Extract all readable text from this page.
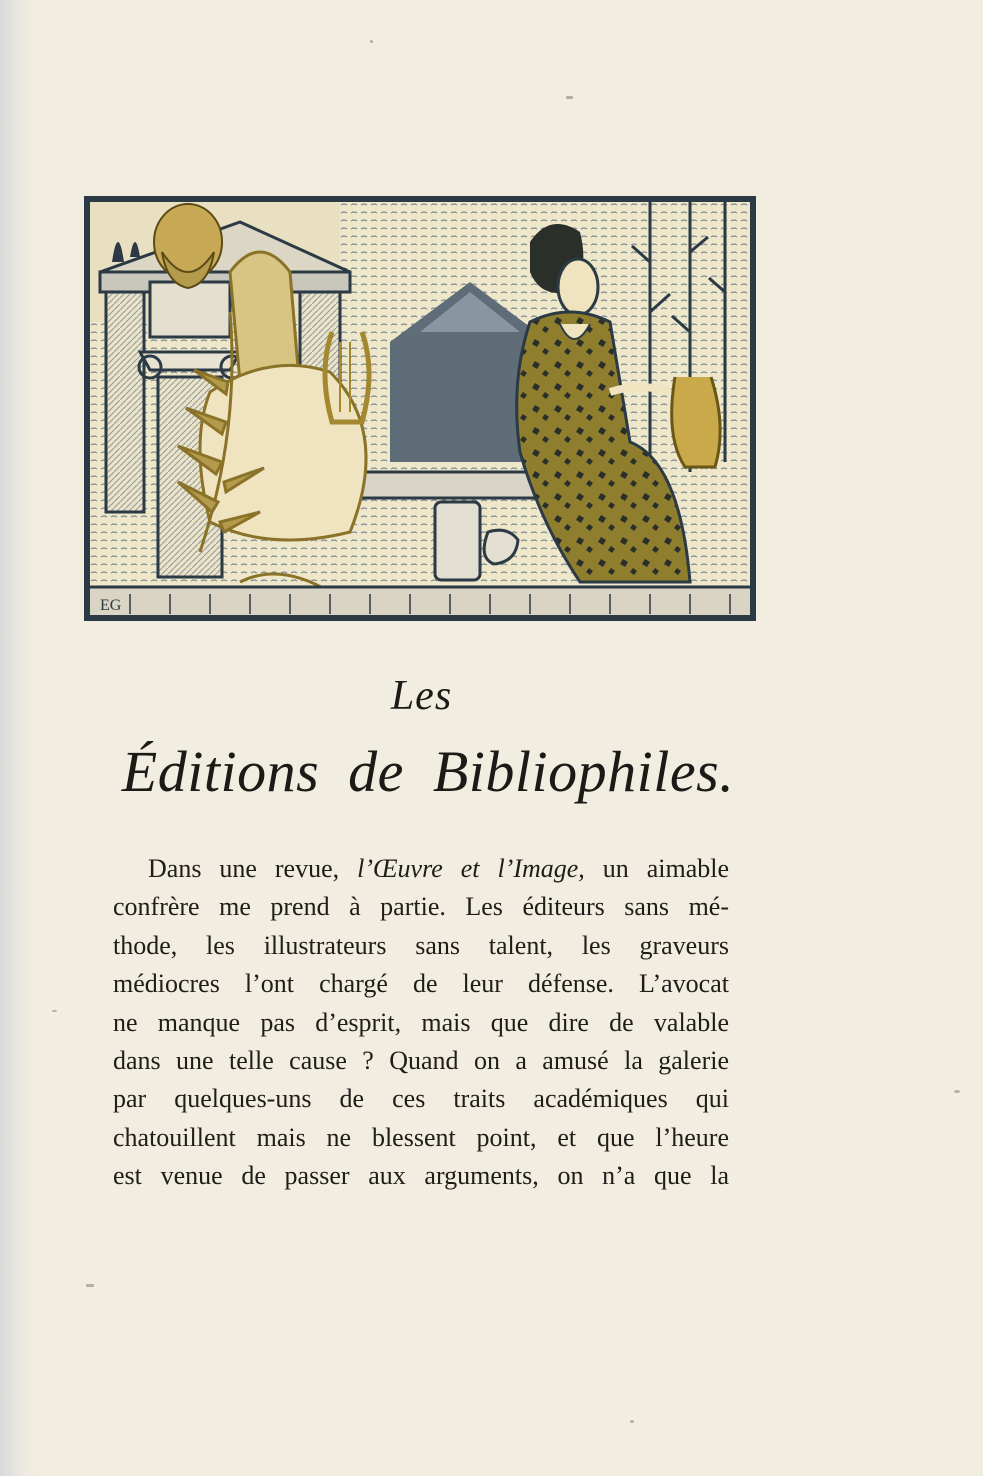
EG
Les
Éditions de Bibliophiles.
Dans une revue, l’Œuvre et l’Image, un aimable
confrère me prend à partie. Les éditeurs sans mé-
thode, les illustrateurs sans talent, les graveurs
médiocres l’ont chargé de leur défense. L’avocat
ne manque pas d’esprit, mais que dire de valable
dans une telle cause ? Quand on a amusé la galerie
par quelques-uns de ces traits académiques qui
chatouillent mais ne blessent point, et que l’heure
est venue de passer aux arguments, on n’a que la
